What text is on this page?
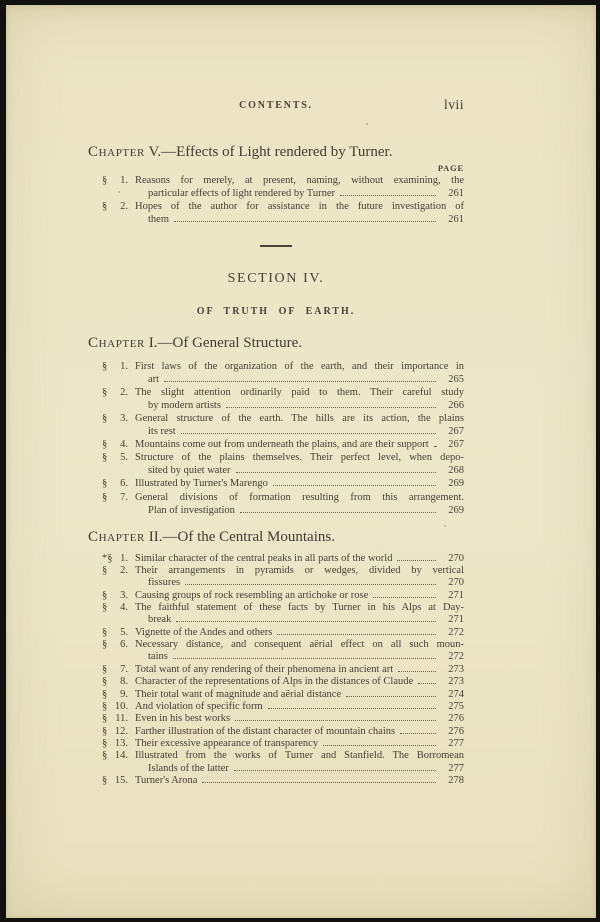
CONTENTS.	lvii
Chapter V.—Effects of Light rendered by Turner.
PAGE
§	1. Reasons for merely, at present, naming, without examining, the
particular effects of light rendered by Turner	261
§	2. Hopes of the author for assistance in the future investigation of
them	261
SECTION IV.
OF TRUTH OF EARTH.
Chapter I.—Of General Structure.
§	1. First laws of the organization of the earth, and their importance in
art	265
§	2. The slight attention ordinarily paid to them. Their careful study
by modern artists	266
§	3. General structure of the earth. The hills are its action, the plains
its rest	267
§	4. Mountains come out from underneath the plains, and are their support	267
§	5. Structure of the plains themselves. Their perfect level, when depo-
sited by quiet water	268
§	6. Illustrated by Turner's Marengo	269
§	7. General divisions of formation resulting from this arrangement.
Plan of investigation	269
Chapter II.—Of the Central Mountains.
*§ 1. Similar character of the central peaks in all parts of the world	270
§	2. Their arrangements in pyramids or wedges, divided by vertical
fissures	270
§	3. Causing groups of rock resembling an artichoke or rose	271
§	4. The faithful statement of these facts by Turner in his Alps at Day-
break	271
§	5. Vignette of the Andes and others	272
§	6. Necessary distance, and consequent aërial effect on all such moun-
tains	272
§	7. Total want of any rendering of their phenomena in ancient art	273
§	8. Character of the representations of Alps in the distances of Claude	273
§	9. Their total want of magnitude and aërial distance	274
§ 10. And violation of specific form	275
§ 11. Even in his best works	276
§ 12. Farther illustration of the distant character of mountain chains	276
§ 13. Their excessive appearance of transparency	277
§ 14. Illustrated from the works of Turner and Stanfield. The Borromean
Islands of the latter	277
§ 15. Turner's Arona	278
